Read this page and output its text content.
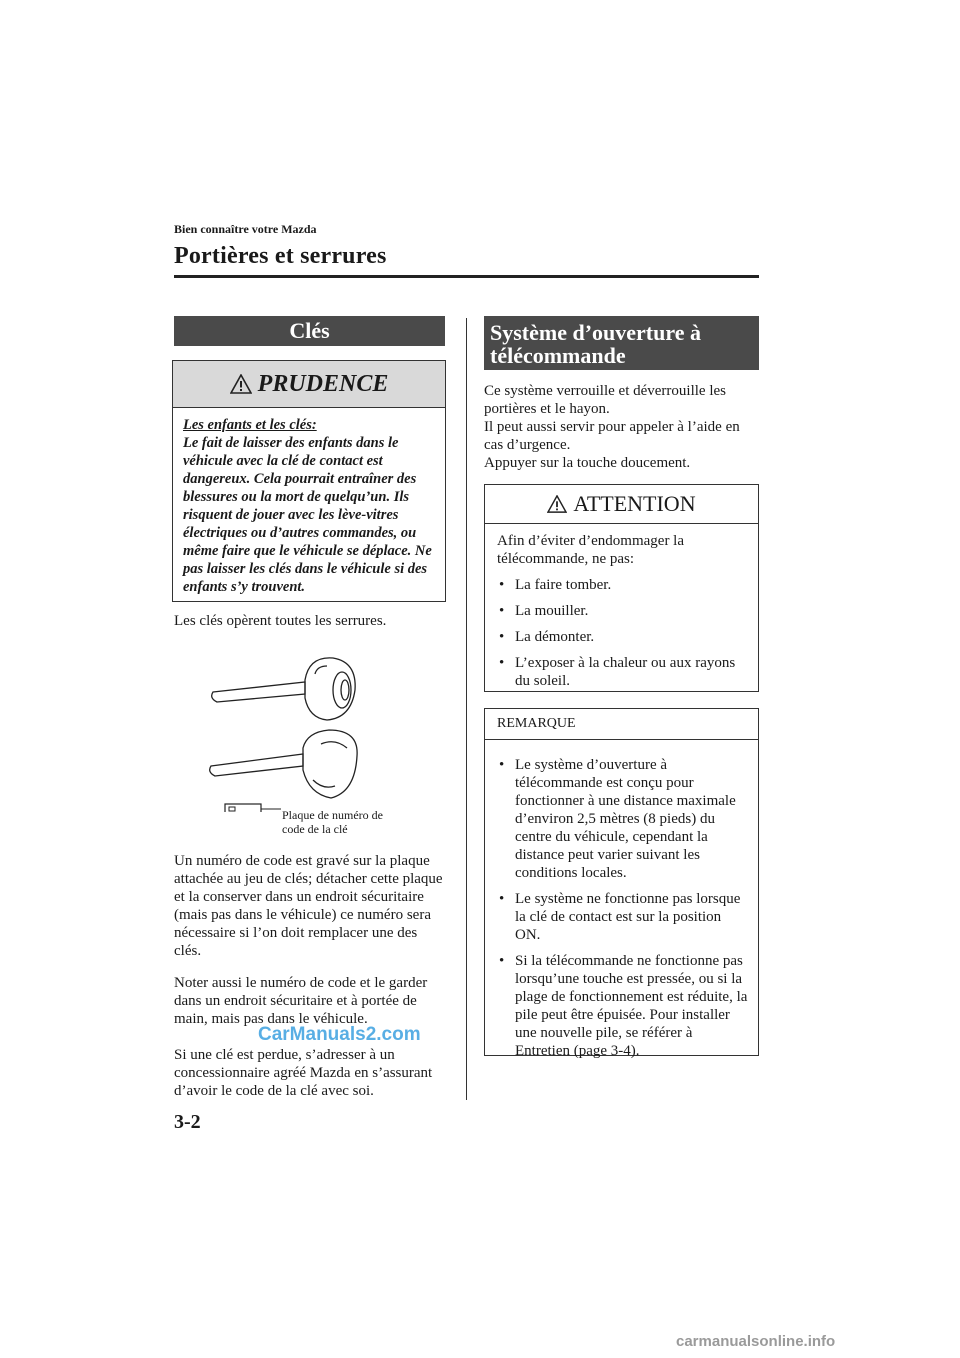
Bien connaître votre Mazda
Portières et serrures
Clés
PRUDENCE
Les enfants et les clés:
Le fait de laisser des enfants dans le véhicule avec la clé de contact est dangereux. Cela pourrait entraîner des blessures ou la mort de quelqu’un. Ils risquent de jouer avec les lève-vitres électriques ou d’autres commandes, ou même faire que le véhicule se déplace. Ne pas laisser les clés dans le véhicule si des enfants s’y trouvent.
Les clés opèrent toutes les serrures.
Plaque de numéro de
code de la clé
Un numéro de code est gravé sur la plaque attachée au jeu de clés; détacher cette plaque et la conserver dans un endroit sécuritaire (mais pas dans le véhicule) ce numéro sera nécessaire si l’on doit remplacer une des clés.
Noter aussi le numéro de code et le garder dans un endroit sécuritaire et à portée de main, mais pas dans le véhicule.
Si une clé est perdue, s’adresser à un concessionnaire agréé Mazda en s’assurant d’avoir le code de la clé avec soi.
CarManuals2.com
Système d’ouverture à
télécommande
Ce système verrouille et déverrouille les portières et le hayon.
Il peut aussi servir pour appeler à l’aide en cas d’urgence.
Appuyer sur la touche doucement.
ATTENTION
Afin d’éviter d’endommager la télécommande, ne pas:
• La faire tomber.
• La mouiller.
• La démonter.
• L’exposer à la chaleur ou aux rayons du soleil.
REMARQUE
• Le système d’ouverture à télécommande est conçu pour fonctionner à une distance maximale d’environ 2,5 mètres (8 pieds) du centre du véhicule, cependant la distance peut varier suivant les conditions locales.
• Le système ne fonctionne pas lorsque la clé de contact est sur la position ON.
• Si la télécommande ne fonctionne pas lorsqu’une touche est pressée, ou si la plage de fonctionnement est réduite, la pile peut être épuisée. Pour installer une nouvelle pile, se référer à Entretien (page 3-4).
3-2
carmanualsonline.info
